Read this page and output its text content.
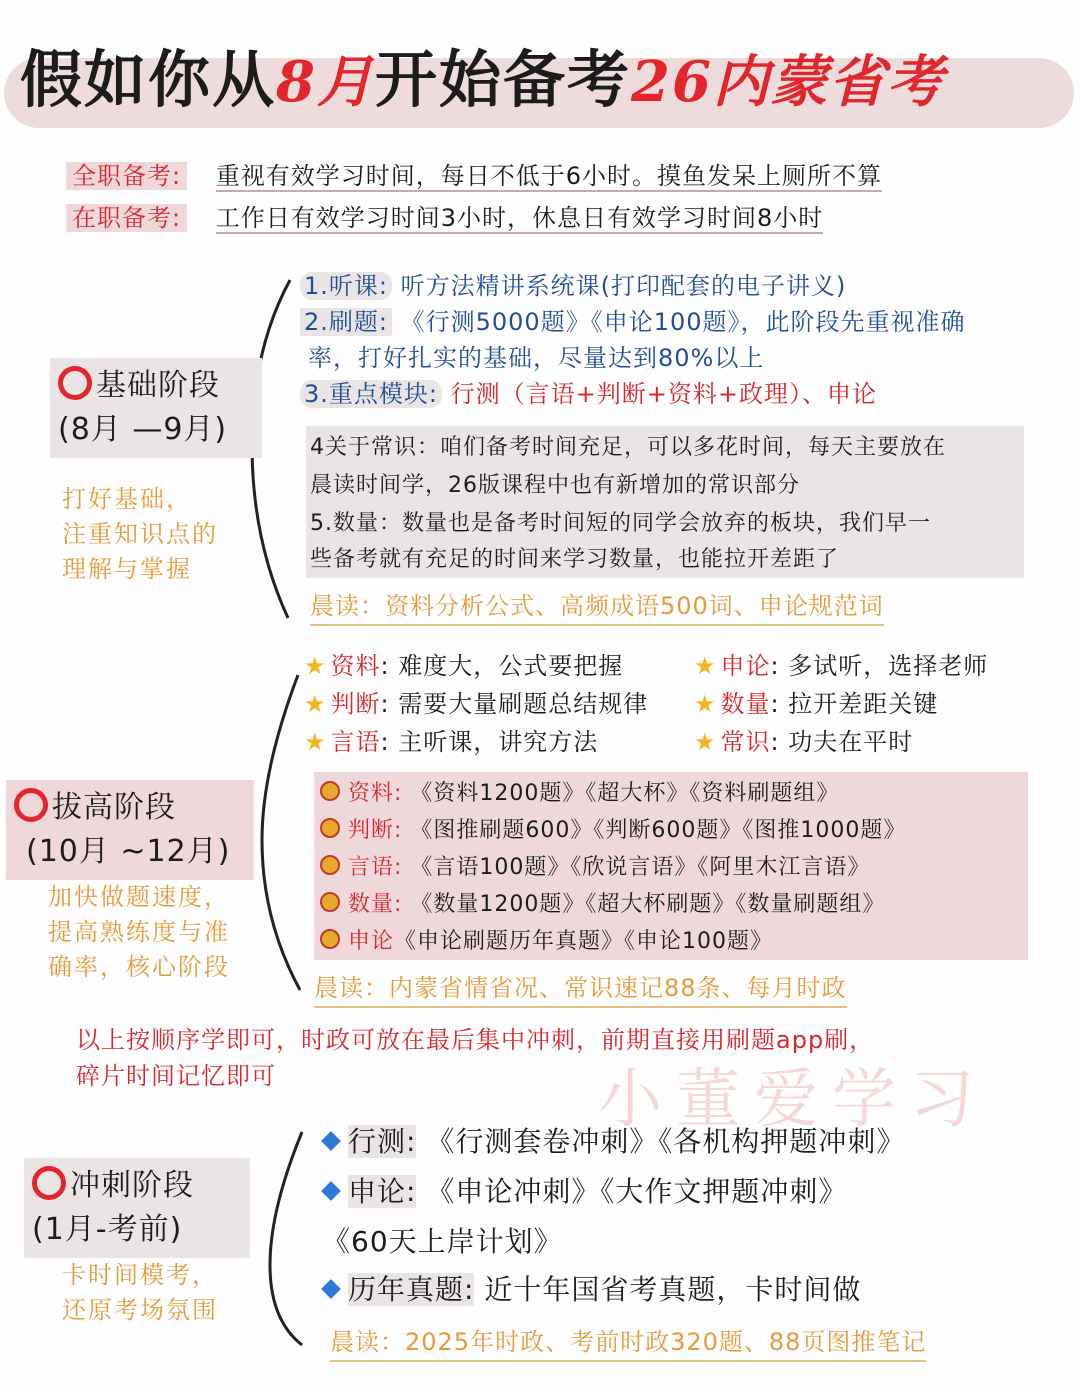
假如你从8月开始备考26内蒙省考
全职备考: 重视有效学习时间，每日不低于6小时。摸鱼发呆上厕所不算
在职备考: 工作日有效学习时间3小时，休息日有效学习时间8小时
基础阶段
(8月 —9月)
打好基础，
注重知识点的
理解与掌握
1.听课: 听方法精讲系统课(打印配套的电子讲义)
2.刷题: 《行测5000题》《申论100题》，此阶段先重视准确
率，打好扎实的基础，尽量达到80%以上
3.重点模块: 行测（言语+判断+资料+政理）、申论
4关于常识：咱们备考时间充足，可以多花时间，每天主要放在
晨读时间学，26版课程中也有新增加的常识部分
5.数量：数量也是备考时间短的同学会放弃的板块，我们早一
些备考就有充足的时间来学习数量，也能拉开差距了
晨读：资料分析公式、高频成语500词、申论规范词
★ 资料: 难度大，公式要把握	★ 申论: 多试听，选择老师
★ 判断: 需要大量刷题总结规律 ★ 数量: 拉开差距关键
★ 言语: 主听课，讲究方法	★ 常识: 功夫在平时
拔高阶段
(10月 ~12月)
加快做题速度，
提高熟练度与准
确率，核心阶段
资料: 《资料1200题》《超大杯》《资料刷题组》
判断: 《图推刷题600》《判断600题》《图推1000题》
言语: 《言语100题》《欣说言语》《阿里木江言语》
数量: 《数量1200题》《超大杯刷题》《数量刷题组》
申论《申论刷题历年真题》《申论100题》
晨读：内蒙省情省况、常识速记88条、每月时政
以上按顺序学即可，时政可放在最后集中冲刺，前期直接用刷题app刷，
碎片时间记忆即可	小董爱学习
冲刺阶段
(1月-考前)
卡时间模考，
还原考场氛围
行测: 《行测套卷冲刺》《各机构押题冲刺》
申论: 《申论冲刺》《大作文押题冲刺》
《60天上岸计划》
历年真题: 近十年国省考真题，卡时间做
晨读：2025年时政、考前时政320题、88页图推笔记
